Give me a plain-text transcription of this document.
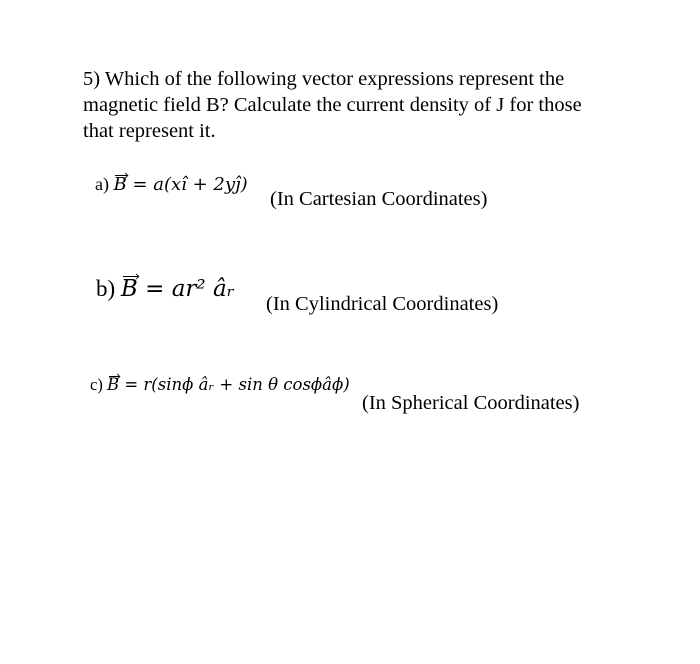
5) Which of the following vector expressions represent the
magnetic field B? Calculate the current density of J for those
that represent it.
a) B = a(xî + 2yĵ)
(In Cartesian Coordinates)
b) B = ar² âᵣ
(In Cylindrical Coordinates)
c) B = r(sinϕ âᵣ + sin θ cosϕâϕ)
(In Spherical Coordinates)
